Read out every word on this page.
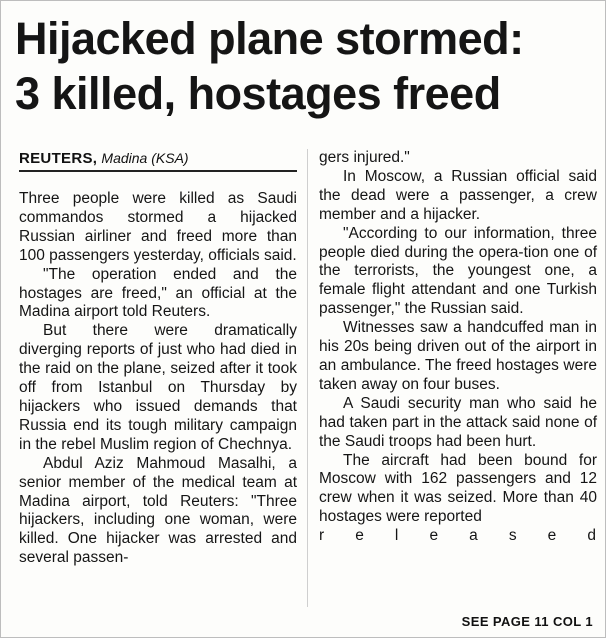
Hijacked plane stormed:
3 killed, hostages freed
REUTERS, Madina (KSA)

Three people were killed as Saudi commandos stormed a hijacked Russian airliner and freed more than 100 passengers yesterday, officials said.

"The operation ended and the hostages are freed," an official at the Madina airport told Reuters.

But there were dramatically diverging reports of just who had died in the raid on the plane, seized after it took off from Istanbul on Thursday by hijackers who issued demands that Russia end its tough military campaign in the rebel Muslim region of Chechnya.

Abdul Aziz Mahmoud Masalhi, a senior member of the medical team at Madina airport, told Reuters: "Three hijackers, including one woman, were killed. One hijacker was arrested and several passen-

gers injured."

In Moscow, a Russian official said the dead were a passenger, a crew member and a hijacker.

"According to our information, three people died during the opera-tion one of the terrorists, the youngest one, a female flight attendant and one Turkish passenger," the Russian said.

Witnesses saw a handcuffed man in his 20s being driven out of the airport in an ambulance. The freed hostages were taken away on four buses.

A Saudi security man who said he had taken part in the attack said none of the Saudi troops had been hurt.

The aircraft had been bound for Moscow with 162 passengers and 12 crew when it was seized. More than 40 hostages were reported

r e l e a s e d

SEE PAGE 11 COL 1
